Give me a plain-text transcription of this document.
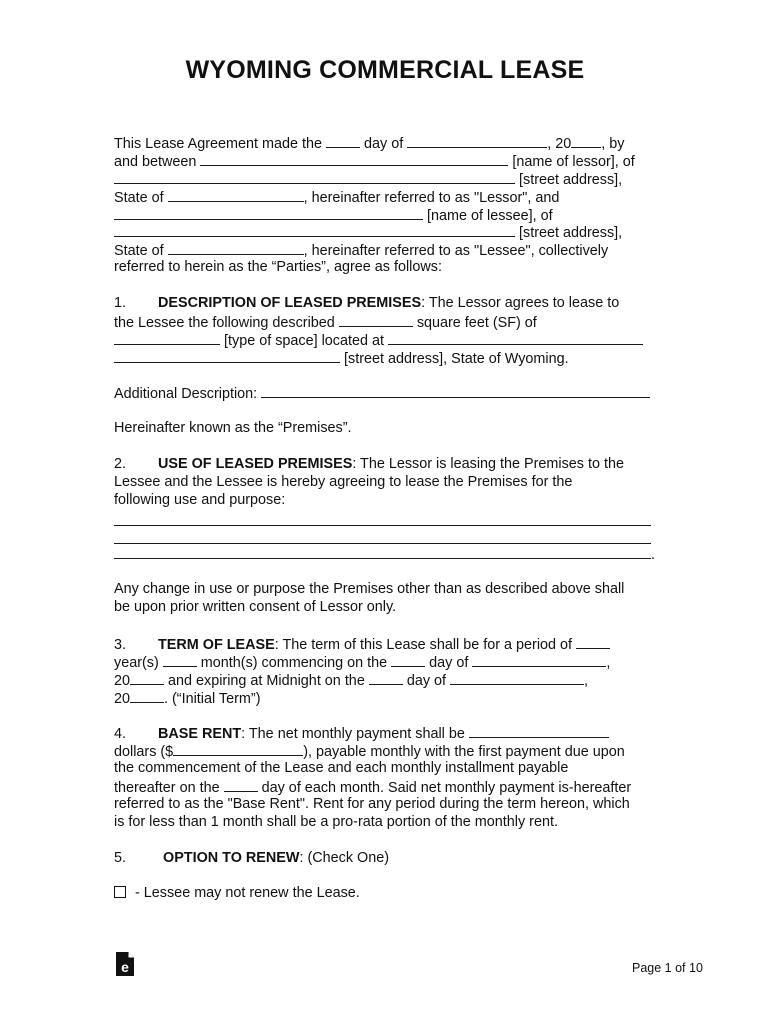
WYOMING COMMERCIAL LEASE
This Lease Agreement made the	day of	, 20 , by
and between	[name of lessor], of
[street address],
State of	, hereinafter referred to as "Lessor", and
[name of lessee], of
[street address],
State of	, hereinafter referred to as "Lessee", collectively
referred to herein as the “Parties”, agree as follows:
1. DESCRIPTION OF LEASED PREMISES: The Lessor agrees to lease to
the Lessee the following described	square feet (SF) of
[type of space] located at
[street address], State of Wyoming.
Additional Description:
Hereinafter known as the “Premises”.
2. USE OF LEASED PREMISES: The Lessor is leasing the Premises to the
Lessee and the Lessee is hereby agreeing to lease the Premises for the
following use and purpose:
.
Any change in use or purpose the Premises other than as described above shall
be upon prior written consent of Lessor only.
3. TERM OF LEASE: The term of this Lease shall be for a period of
year(s)	month(s) commencing on the	day of	,
20	and expiring at Midnight on the	day of	,
20 . (“Initial Term”)
4. BASE RENT: The net monthly payment shall be
dollars ($	), payable monthly with the first payment due upon
the commencement of the Lease and each monthly installment payable
thereafter on the	day of each month. Said net monthly payment is-hereafter
referred to as the "Base Rent". Rent for any period during the term hereon, which
is for less than 1 month shall be a pro-rata portion of the monthly rent.
5.	OPTION TO RENEW: (Check One)
- Lessee may not renew the Lease.
e	Page 1 of 10
